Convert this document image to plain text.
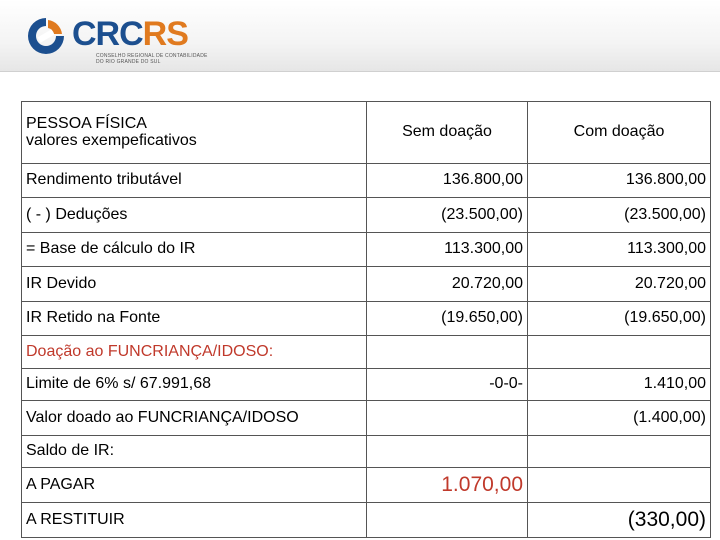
CRCRS
CONSELHO REGIONAL DE CONTABILIDADE
DO RIO GRANDE DO SUL
PESSOA FÍSICA
valores exempeficativos	Sem doação	Com doação
Rendimento tributável	136.800,00	136.800,00
( - ) Deduções	(23.500,00)	(23.500,00)
= Base de cálculo do IR	113.300,00	113.300,00
IR Devido	20.720,00	20.720,00
IR Retido na Fonte	(19.650,00)	(19.650,00)
Doação ao FUNCRIANÇA/IDOSO:		
Limite de 6% s/ 67.991,68	-0-0-	1.410,00
Valor doado ao FUNCRIANÇA/IDOSO		(1.400,00)
Saldo de IR:		
A PAGAR	1.070,00	
A RESTITUIR		(330,00)
